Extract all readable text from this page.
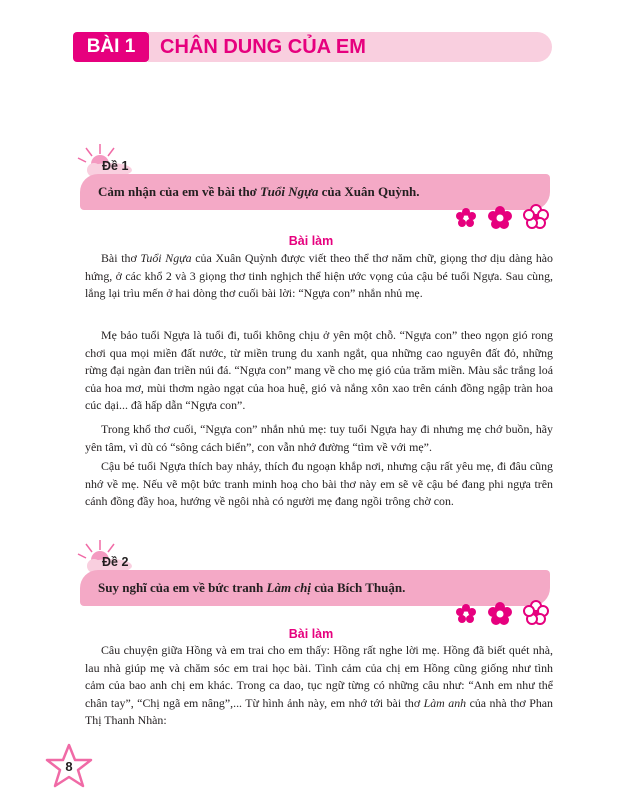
BÀI 1	CHÂN DUNG CỦA EM
Đề 1
Cảm nhận của em về bài thơ Tuổi Ngựa của Xuân Quỳnh.
Bài làm

Bài thơ Tuổi Ngựa của Xuân Quỳnh được viết theo thể thơ năm chữ, giọng thơ dịu dàng hào hứng, ở các khổ 2 và 3 giọng thơ tinh nghịch thể hiện ước vọng của cậu bé tuổi Ngựa. Sau cùng, lắng lại trìu mến ở hai dòng thơ cuối bài lời: “Ngựa con” nhắn nhủ mẹ.

Mẹ bảo tuổi Ngựa là tuổi đi, tuổi không chịu ở yên một chỗ. “Ngựa con” theo ngọn gió rong chơi qua mọi miền đất nước, từ miền trung du xanh ngắt, qua những cao nguyên đất đỏ, những rừng đại ngàn đan triền núi đá. “Ngựa con” mang về cho mẹ gió của trăm miền. Màu sắc trắng loá của hoa mơ, mùi thơm ngào ngạt của hoa huệ, gió và nắng xôn xao trên cánh đồng ngập tràn hoa cúc dại... đã hấp dẫn “Ngựa con”.

Trong khổ thơ cuối, “Ngựa con” nhắn nhủ mẹ: tuy tuổi Ngựa hay đi nhưng mẹ chớ buồn, hãy yên tâm, vì dù có “sông cách biển”, con vẫn nhớ đường “tìm về với mẹ”.

Cậu bé tuổi Ngựa thích bay nhảy, thích đu ngoạn khắp nơi, nhưng cậu rất yêu mẹ, đi đâu cũng nhớ về mẹ. Nếu vẽ một bức tranh minh hoạ cho bài thơ này em sẽ vẽ cậu bé đang phi ngựa trên cánh đồng đầy hoa, hướng về ngôi nhà có người mẹ đang ngồi trông chờ con.

Đề 2
Suy nghĩ của em về bức tranh Làm chị của Bích Thuận.
Bài làm

Câu chuyện giữa Hồng và em trai cho em thấy: Hồng rất nghe lời mẹ. Hồng đã biết quét nhà, lau nhà giúp mẹ và chăm sóc em trai học bài. Tình cảm của chị em Hồng cũng giống như tình cảm của bao anh chị em khác. Trong ca dao, tục ngữ từng có những câu như: “Anh em như thể chân tay”, “Chị ngã em nâng”,... Từ hình ảnh này, em nhớ tới bài thơ Làm anh của nhà thơ Phan Thị Thanh Nhàn:

8
